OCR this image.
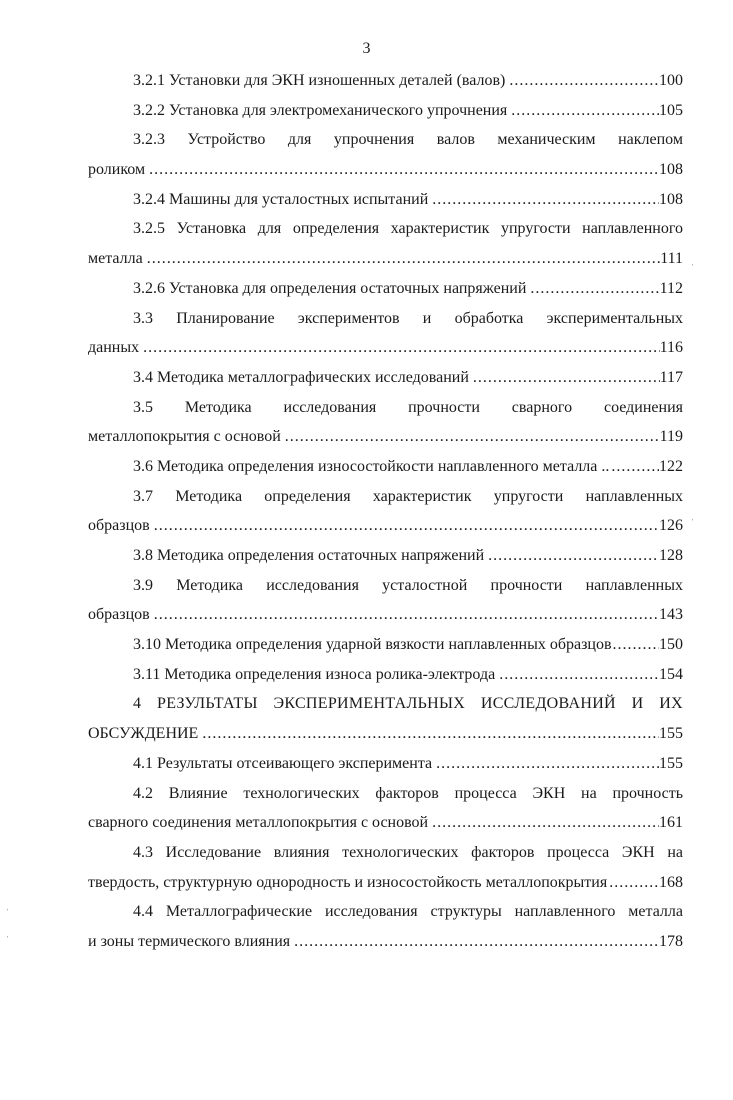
3
3.2.1 Установки для ЭКН изношенных деталей (валов) .....	100
3.2.2 Установка для электромеханического упрочнения .....	105
3.2.3 Устройство для упрочнения валов механическим наклепом
роликом .....	108
3.2.4 Машины для усталостных испытаний .....	108
3.2.5 Установка для определения характеристик упругости наплавленного
металла .....	111
3.2.6 Установка для определения остаточных напряжений .....	112
3.3 Планирование экспериментов и обработка экспериментальных
данных .....	116
3.4 Методика металлографических исследований .....	117
3.5 Методика исследования прочности сварного соединения
металлопокрытия с основой .....	119
3.6 Методика определения износостойкости наплавленного металла .. .....	122
3.7 Методика определения характеристик упругости наплавленных
образцов .....	126
3.8 Методика определения остаточных напряжений .....	128
3.9 Методика исследования усталостной прочности наплавленных
образцов .....	143
3.10 Методика определения ударной вязкости наплавленных образцов .....	150
3.11 Методика определения износа ролика-электрода .....	154
4 РЕЗУЛЬТАТЫ ЭКСПЕРИМЕНТАЛЬНЫХ ИССЛЕДОВАНИЙ И ИХ
ОБСУЖДЕНИЕ .....	155
4.1 Результаты отсеивающего эксперимента .....	155
4.2 Влияние технологических факторов процесса ЭКН на прочность
сварного соединения металлопокрытия с основой .....	161
4.3 Исследование влияния технологических факторов процесса ЭКН на
твердость, структурную однородность и износостойкость металлопокрытия .....	168
4.4 Металлографические исследования структуры наплавленного металла
и зоны термического влияния .....	178
ˌ
ˌ
ˈ
ˈ
